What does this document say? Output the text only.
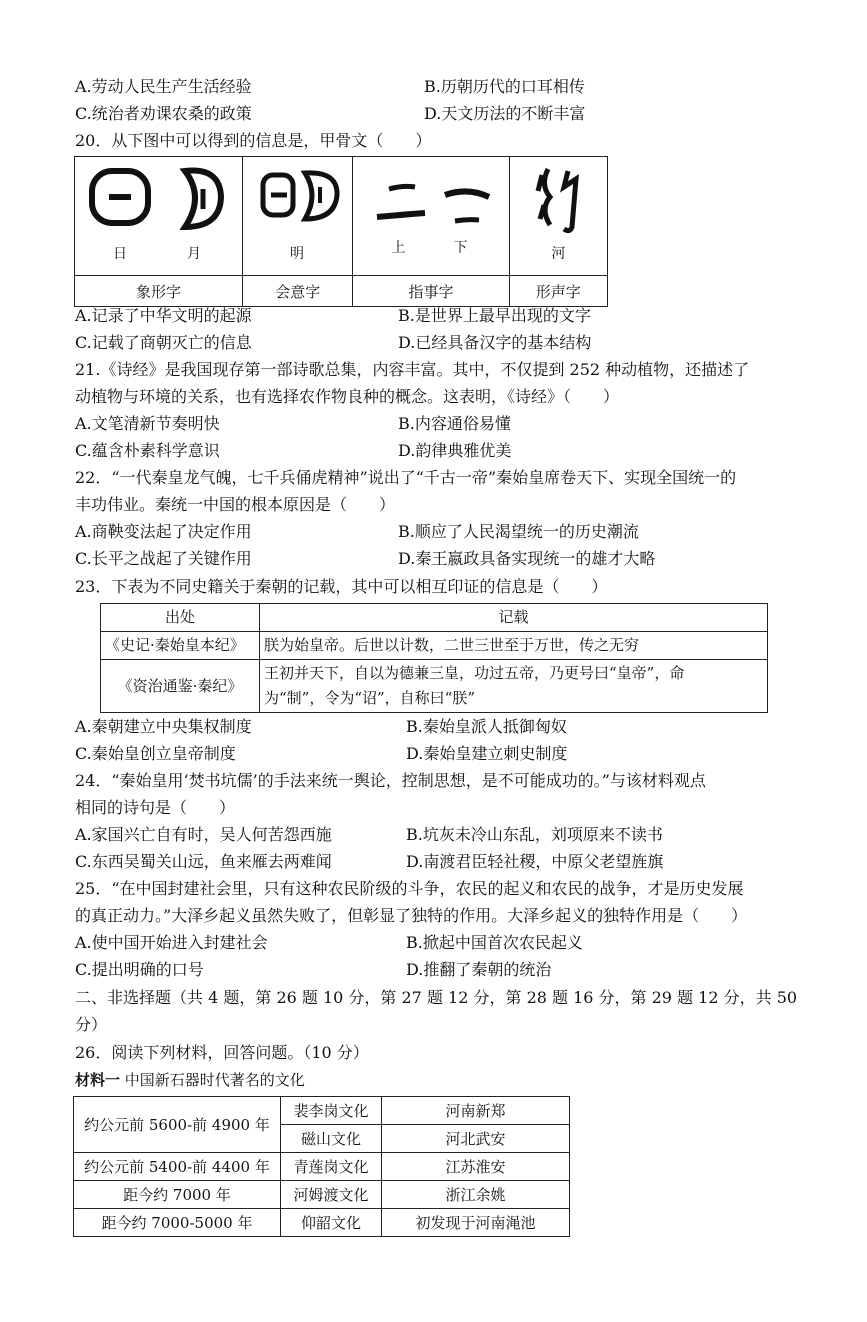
A.劳动人民生产生活经验	B.历朝历代的口耳相传
C.统治者劝课农桑的政策	D.天文历法的不断丰富
20．从下图中可以得到的信息是，甲骨文（　　）
日 月	明	上 下	河

象形字	会意字	指事字	形声字
A.记录了中华文明的起源	B.是世界上最早出现的文字
C.记载了商朝灭亡的信息	D.已经具备汉字的基本结构
21.《诗经》是我国现存第一部诗歌总集，内容丰富。其中，不仅提到 252 种动植物，还描述了
动植物与环境的关系，也有选择农作物良种的概念。这表明，《诗经》（　　）
A.文笔清新节奏明快	B.内容通俗易懂
C.蕴含朴素科学意识	D.韵律典雅优美
22．“一代秦皇龙气魄，七千兵俑虎精神”说出了“千古一帝”秦始皇席卷天下、实现全国统一的
丰功伟业。秦统一中国的根本原因是（　　）
A.商鞅变法起了决定作用	B.顺应了人民渴望统一的历史潮流
C.长平之战起了关键作用	D.秦王嬴政具备实现统一的雄才大略
23．下表为不同史籍关于秦朝的记载，其中可以相互印证的信息是（　　）
出处	记载
《史记·秦始皇本纪》	朕为始皇帝。后世以计数，二世三世至于万世，传之无穷
《资治通鉴·秦纪》	王初并天下，自以为德兼三皇，功过五帝，乃更号曰“皇帝”，命
为“制”，令为“诏”，自称曰“朕”
A.秦朝建立中央集权制度	B.秦始皇派人抵御匈奴
C.秦始皇创立皇帝制度	D.秦始皇建立刺史制度
24．“秦始皇用‘焚书坑儒’的手法来统一舆论，控制思想，是不可能成功的。”与该材料观点
相同的诗句是（　　）
A.家国兴亡自有时，吴人何苦怨西施	B.坑灰未冷山东乱，刘项原来不读书
C.东西吴蜀关山远，鱼来雁去两难闻	D.南渡君臣轻社稷，中原父老望旌旗
25．“在中国封建社会里，只有这种农民阶级的斗争，农民的起义和农民的战争，才是历史发展
的真正动力。”大泽乡起义虽然失败了，但彰显了独特的作用。大泽乡起义的独特作用是（　　）
A.使中国开始进入封建社会	B.掀起中国首次农民起义
C.提出明确的口号	D.推翻了秦朝的统治
二、非选择题（共 4 题，第 26 题 10 分，第 27 题 12 分，第 28 题 16 分，第 29 题 12 分，共 50
分）
26．阅读下列材料，回答问题。（10 分）
材料一 中国新石器时代著名的文化
约公元前 5600-前 4900 年	裴李岗文化	河南新郑
	磁山文化	河北武安
约公元前 5400-前 4400 年	青莲岗文化	江苏淮安
距今约 7000 年	河姆渡文化	浙江余姚
距今约 7000-5000 年	仰韶文化	初发现于河南渑池
